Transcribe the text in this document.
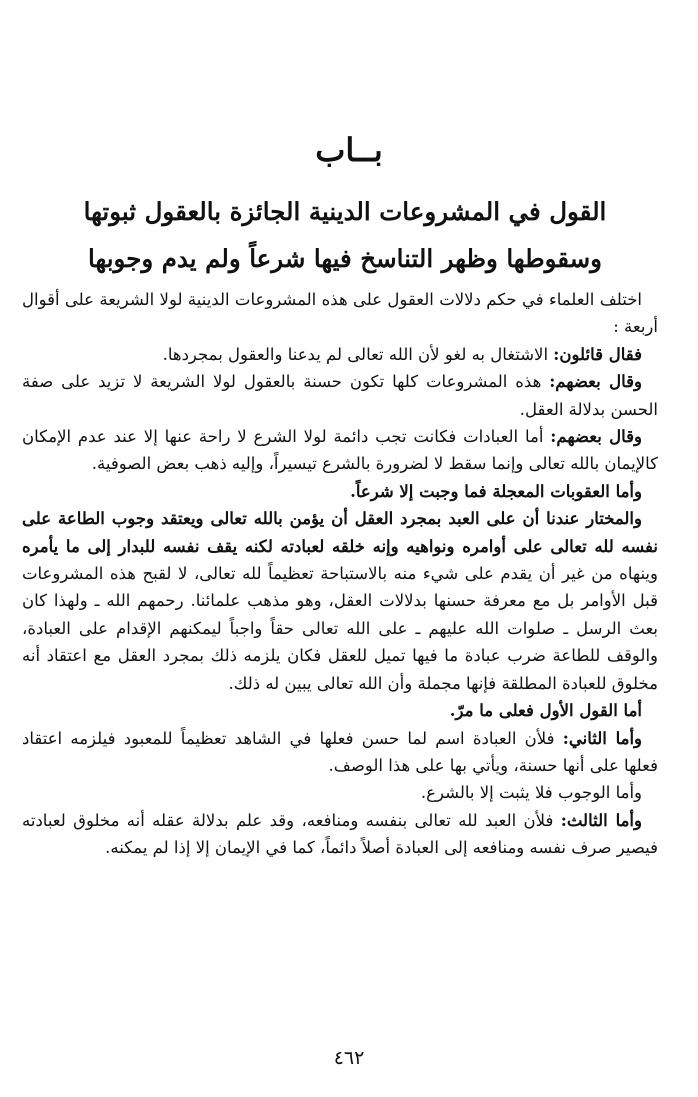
بــاب
القول في المشروعات الدينية الجائزة بالعقول ثبوتها وسقوطها وظهر التناسخ فيها شرعاً ولم يدم وجوبها

اختلف العلماء في حكم دلالات العقول على هذه المشروعات الدينية لولا الشريعة على أقوال أربعة :

فقال قائلون: الاشتغال به لغو لأن الله تعالى لم يدعنا والعقول بمجردها.

وقال بعضهم: هذه المشروعات كلها تكون حسنة بالعقول لولا الشريعة لا تزيد على صفة الحسن بدلالة العقل.

وقال بعضهم: أما العبادات فكانت تجب دائمة لولا الشرع لا راحة عنها إلا عند عدم الإمكان كالإيمان بالله تعالى وإنما سقط لا لضرورة بالشرع تيسيراً، وإليه ذهب بعض الصوفية.

وأما العقوبات المعجلة فما وجبت إلا شرعاً.

والمختار عندنا أن على العبد بمجرد العقل أن يؤمن بالله تعالى ويعتقد وجوب الطاعة على نفسه لله تعالى على أوامره ونواهيه وإنه خلقه لعبادته لكنه يقف نفسه للبدار إلى ما يأمره وينهاه من غير أن يقدم على شيء منه بالاستباحة تعظيماً لله تعالى، لا لقبح هذه المشروعات قبل الأوامر بل مع معرفة حسنها بدلالات العقل، وهو مذهب علمائنا. رحمهم الله ـ ولهذا كان بعث الرسل ـ صلوات الله عليهم ـ على الله تعالى حقاً واجباً ليمكنهم الإقدام على العبادة، والوقف للطاعة ضرب عبادة ما فيها تميل للعقل فكان يلزمه ذلك بمجرد العقل مع اعتقاد أنه مخلوق للعبادة المطلقة فإنها مجملة وأن الله تعالى يبين له ذلك.

أما القول الأول فعلى ما مرّ.

وأما الثاني: فلأن العبادة اسم لما حسن فعلها في الشاهد تعظيماً للمعبود فيلزمه اعتقاد فعلها على أنها حسنة، ويأتي بها على هذا الوصف.

وأما الوجوب فلا يثبت إلا بالشرع.

وأما الثالث: فلأن العبد لله تعالى بنفسه ومنافعه، وقد علم بدلالة عقله أنه مخلوق لعبادته فيصير صرف نفسه ومنافعه إلى العبادة أصلاً دائماً، كما في الإيمان إلا إذا لم يمكنه.

٤٦٢
